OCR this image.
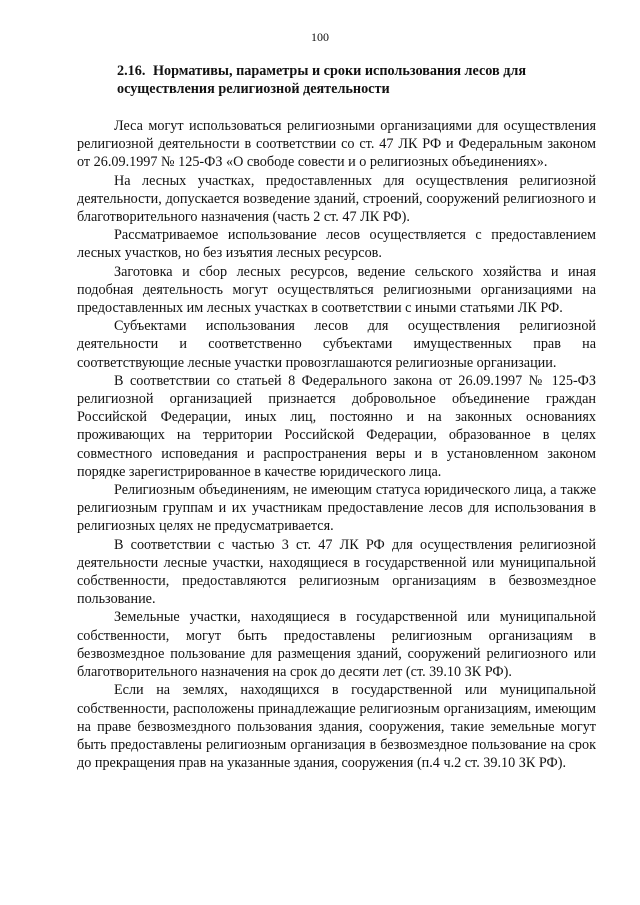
100
2.16. Нормативы, параметры и сроки использования лесов для осуществления религиозной деятельности

Леса могут использоваться религиозными организациями для осуществления религиозной деятельности в соответствии со ст. 47 ЛК РФ и Федеральным законом от 26.09.1997 № 125-ФЗ «О свободе совести и о религиозных объединениях».

На лесных участках, предоставленных для осуществления религиозной деятельности, допускается возведение зданий, строений, сооружений религиозного и благотворительного назначения (часть 2 ст. 47 ЛК РФ).

Рассматриваемое использование лесов осуществляется с предоставлением лесных участков, но без изъятия лесных ресурсов.

Заготовка и сбор лесных ресурсов, ведение сельского хозяйства и иная подобная деятельность могут осуществляться религиозными организациями на предоставленных им лесных участках в соответствии с иными статьями ЛК РФ.

Субъектами использования лесов для осуществления религиозной деятельности и соответственно субъектами имущественных прав на соответствующие лесные участки провозглашаются религиозные организации.

В соответствии со статьей 8 Федерального закона от 26.09.1997 № 125-ФЗ религиозной организацией признается добровольное объединение граждан Российской Федерации, иных лиц, постоянно и на законных основаниях проживающих на территории Российской Федерации, образованное в целях совместного исповедания и распространения веры и в установленном законом порядке зарегистрированное в качестве юридического лица.

Религиозным объединениям, не имеющим статуса юридического лица, а также религиозным группам и их участникам предоставление лесов для использования в религиозных целях не предусматривается.

В соответствии с частью 3 ст. 47 ЛК РФ для осуществления религиозной деятельности лесные участки, находящиеся в государственной или муниципальной собственности, предоставляются религиозным организациям в безвозмездное пользование.

Земельные участки, находящиеся в государственной или муниципальной собственности, могут быть предоставлены религиозным организациям в безвозмездное пользование для размещения зданий, сооружений религиозного или благотворительного назначения на срок до десяти лет (ст. 39.10 ЗК РФ).

Если на землях, находящихся в государственной или муниципальной собственности, расположены принадлежащие религиозным организациям, имеющим на праве безвозмездного пользования здания, сооружения, такие земельные могут быть предоставлены религиозным организация в безвозмездное пользование на срок до прекращения прав на указанные здания, сооружения (п.4 ч.2 ст. 39.10 ЗК РФ).
